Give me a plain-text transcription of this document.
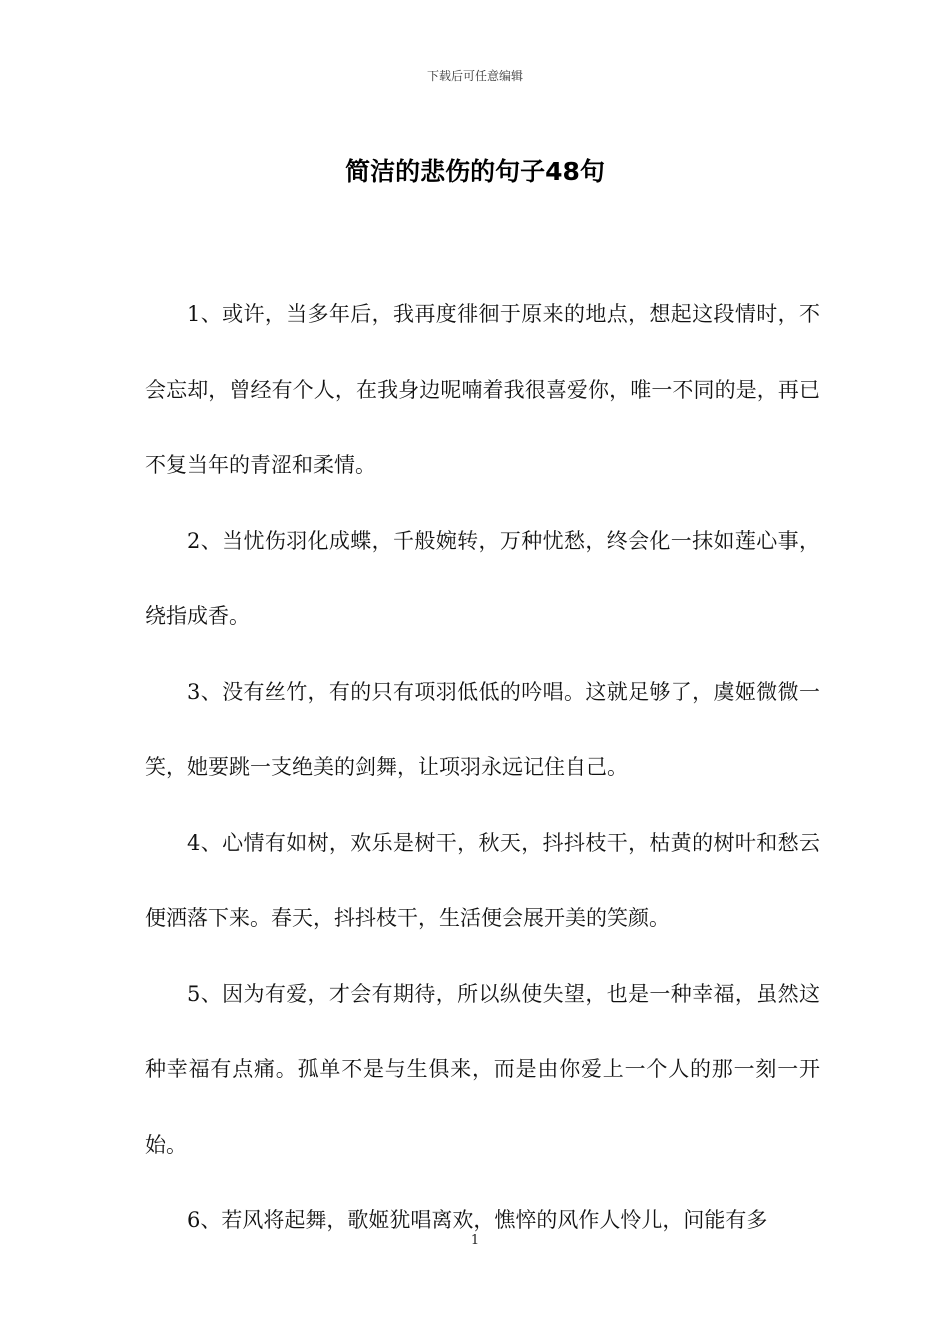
下载后可任意编辑
简洁的悲伤的句子48句

1、或许，当多年后，我再度徘徊于原来的地点，想起这段情时，不会忘却，曾经有个人，在我身边呢喃着我很喜爱你，唯一不同的是，再已不复当年的青涩和柔情。

2、当忧伤羽化成蝶，千般婉转，万种忧愁，终会化一抹如莲心事，绕指成香。

3、没有丝竹，有的只有项羽低低的吟唱。这就足够了，虞姬微微一笑，她要跳一支绝美的剑舞，让项羽永远记住自己。

4、心情有如树，欢乐是树干，秋天，抖抖枝干，枯黄的树叶和愁云便洒落下来。春天，抖抖枝干，生活便会展开美的笑颜。

5、因为有爱，才会有期待，所以纵使失望，也是一种幸福，虽然这种幸福有点痛。孤单不是与生俱来，而是由你爱上一个人的那一刻一开始。

6、若风将起舞，歌姬犹唱离欢，憔悴的风作人怜儿，问能有多

1
